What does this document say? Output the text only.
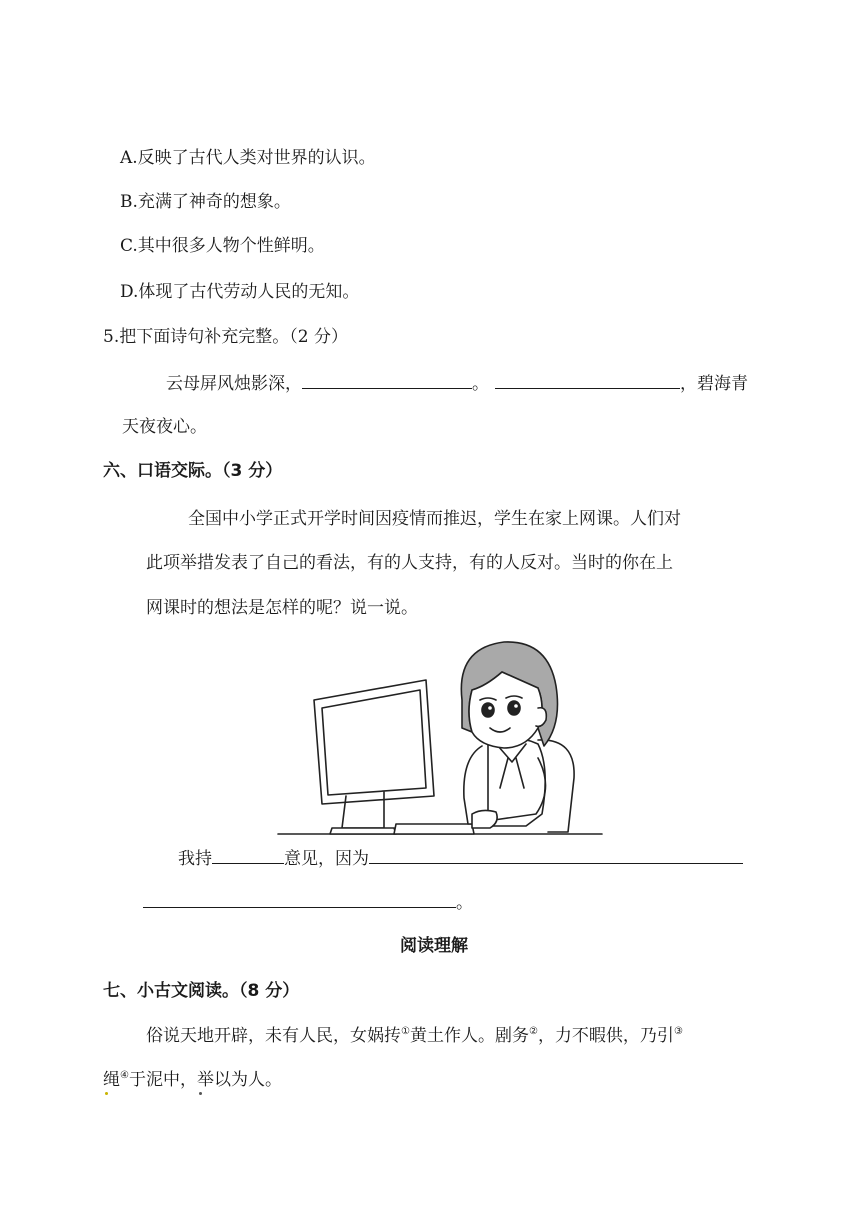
A.反映了古代人类对世界的认识。
B.充满了神奇的想象。
C.其中很多人物个性鲜明。
D.体现了古代劳动人民的无知。
5.把下面诗句补充完整。（2 分）
云母屏风烛影深，	。	，碧海青
天夜夜心。
六、口语交际。（3 分）
全国中小学正式开学时间因疫情而推迟，学生在家上网课。人们对
此项举措发表了自己的看法，有的人支持，有的人反对。当时的你在上
网课时的想法是怎样的呢？说一说。
我持	意见，因为
。
阅读理解
七、小古文阅读。（8 分）
俗说天地开辟，未有人民，女娲抟①黄土作人。剧务②，力不暇供，乃引③
绳④于泥中，举以为人。
